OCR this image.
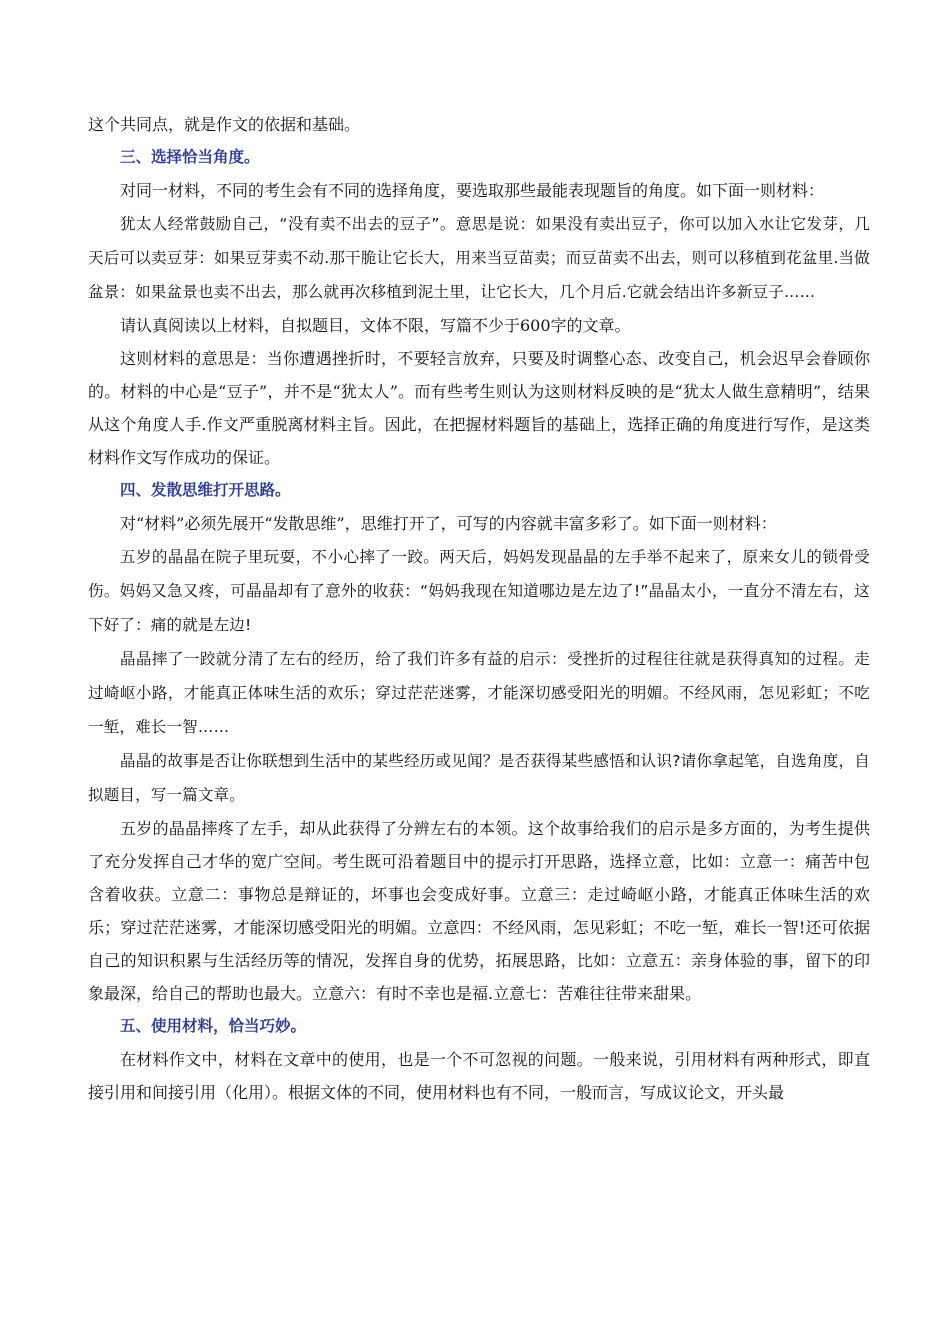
这个共同点，就是作文的依据和基础。

三、选择恰当角度。

对同一材料，不同的考生会有不同的选择角度，要选取那些最能表现题旨的角度。如下面一则材料：

犹太人经常鼓励自己，“没有卖不出去的豆子”。意思是说：如果没有卖出豆子，你可以加入水让它发芽，几天后可以卖豆芽：如果豆芽卖不动.那干脆让它长大，用来当豆苗卖；而豆苗卖不出去，则可以移植到花盆里.当做盆景：如果盆景也卖不出去，那么就再次移植到泥土里，让它长大，几个月后.它就会结出许多新豆子……

请认真阅读以上材料，自拟题目，文体不限，写篇不少于600字的文章。

这则材料的意思是：当你遭遇挫折时，不要轻言放弃，只要及时调整心态、改变自己，机会迟早会眷顾你的。材料的中心是“豆子”，并不是“犹太人”。而有些考生则认为这则材料反映的是“犹太人做生意精明”，结果从这个角度人手.作文严重脱离材料主旨。因此，在把握材料题旨的基础上，选择正确的角度进行写作，是这类材料作文写作成功的保证。

四、发散思维打开思路。

对“材料”必须先展开“发散思维”，思维打开了，可写的内容就丰富多彩了。如下面一则材料：

五岁的晶晶在院子里玩耍，不小心摔了一跤。两天后，妈妈发现晶晶的左手举不起来了，原来女儿的锁骨受伤。妈妈又急又疼，可晶晶却有了意外的收获：“妈妈我现在知道哪边是左边了!”晶晶太小，一直分不清左右，这下好了：痛的就是左边!

晶晶摔了一跤就分清了左右的经历，给了我们许多有益的启示：受挫折的过程往往就是获得真知的过程。走过崎岖小路，才能真正体味生活的欢乐；穿过茫茫迷雾，才能深切感受阳光的明媚。不经风雨，怎见彩虹；不吃一堑，难长一智……

晶晶的故事是否让你联想到生活中的某些经历或见闻？是否获得某些感悟和认识?请你拿起笔，自选角度，自拟题目，写一篇文章。

五岁的晶晶摔疼了左手，却从此获得了分辨左右的本领。这个故事给我们的启示是多方面的，为考生提供了充分发挥自己才华的宽广空间。考生既可沿着题目中的提示打开思路，选择立意，比如：立意一：痛苦中包含着收获。立意二：事物总是辩证的，坏事也会变成好事。立意三：走过崎岖小路，才能真正体味生活的欢乐；穿过茫茫迷雾，才能深切感受阳光的明媚。立意四：不经风雨，怎见彩虹；不吃一堑，难长一智!还可依据自己的知识积累与生活经历等的情况，发挥自身的优势，拓展思路，比如：立意五：亲身体验的事，留下的印象最深，给自己的帮助也最大。立意六：有时不幸也是福.立意七：苦难往往带来甜果。

五、使用材料，恰当巧妙。

在材料作文中，材料在文章中的使用，也是一个不可忽视的问题。一般来说，引用材料有两种形式，即直接引用和间接引用（化用）。根据文体的不同，使用材料也有不同，一般而言，写成议论文，开头最
